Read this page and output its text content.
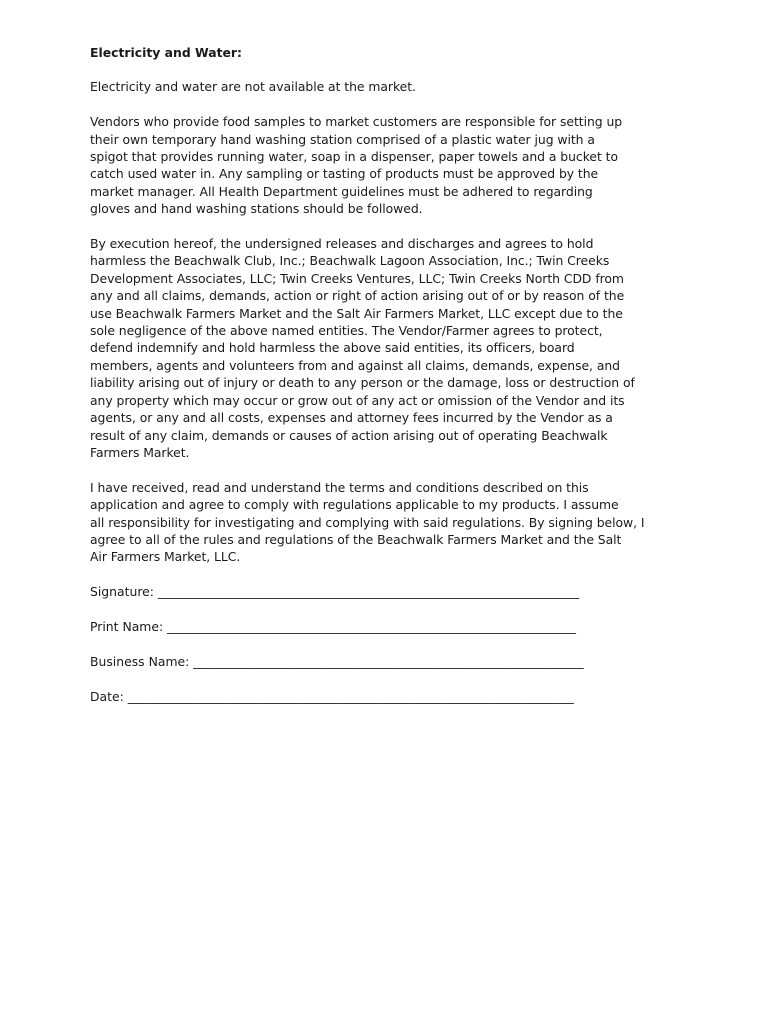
Electricity and Water:
Electricity and water are not available at the market.
Vendors who provide food samples to market customers are responsible for setting up
their own temporary hand washing station comprised of a plastic water jug with a
spigot that provides running water, soap in a dispenser, paper towels and a bucket to
catch used water in. Any sampling or tasting of products must be approved by the
market manager. All Health Department guidelines must be adhered to regarding
gloves and hand washing stations should be followed.
By execution hereof, the undersigned releases and discharges and agrees to hold
harmless the Beachwalk Club, Inc.; Beachwalk Lagoon Association, Inc.; Twin Creeks
Development Associates, LLC; Twin Creeks Ventures, LLC; Twin Creeks North CDD from
any and all claims, demands, action or right of action arising out of or by reason of the
use Beachwalk Farmers Market and the Salt Air Farmers Market, LLC except due to the
sole negligence of the above named entities. The Vendor/Farmer agrees to protect,
defend indemnify and hold harmless the above said entities, its officers, board
members, agents and volunteers from and against all claims, demands, expense, and
liability arising out of injury or death to any person or the damage, loss or destruction of
any property which may occur or grow out of any act or omission of the Vendor and its
agents, or any and all costs, expenses and attorney fees incurred by the Vendor as a
result of any claim, demands or causes of action arising out of operating Beachwalk
Farmers Market.
I have received, read and understand the terms and conditions described on this
application and agree to comply with regulations applicable to my products. I assume
all responsibility for investigating and complying with said regulations. By signing below, I
agree to all of the rules and regulations of the Beachwalk Farmers Market and the Salt
Air Farmers Market, LLC.
Signature: ____________________________________________________________________
Print Name: __________________________________________________________________
Business Name: _______________________________________________________________
Date: ________________________________________________________________________
